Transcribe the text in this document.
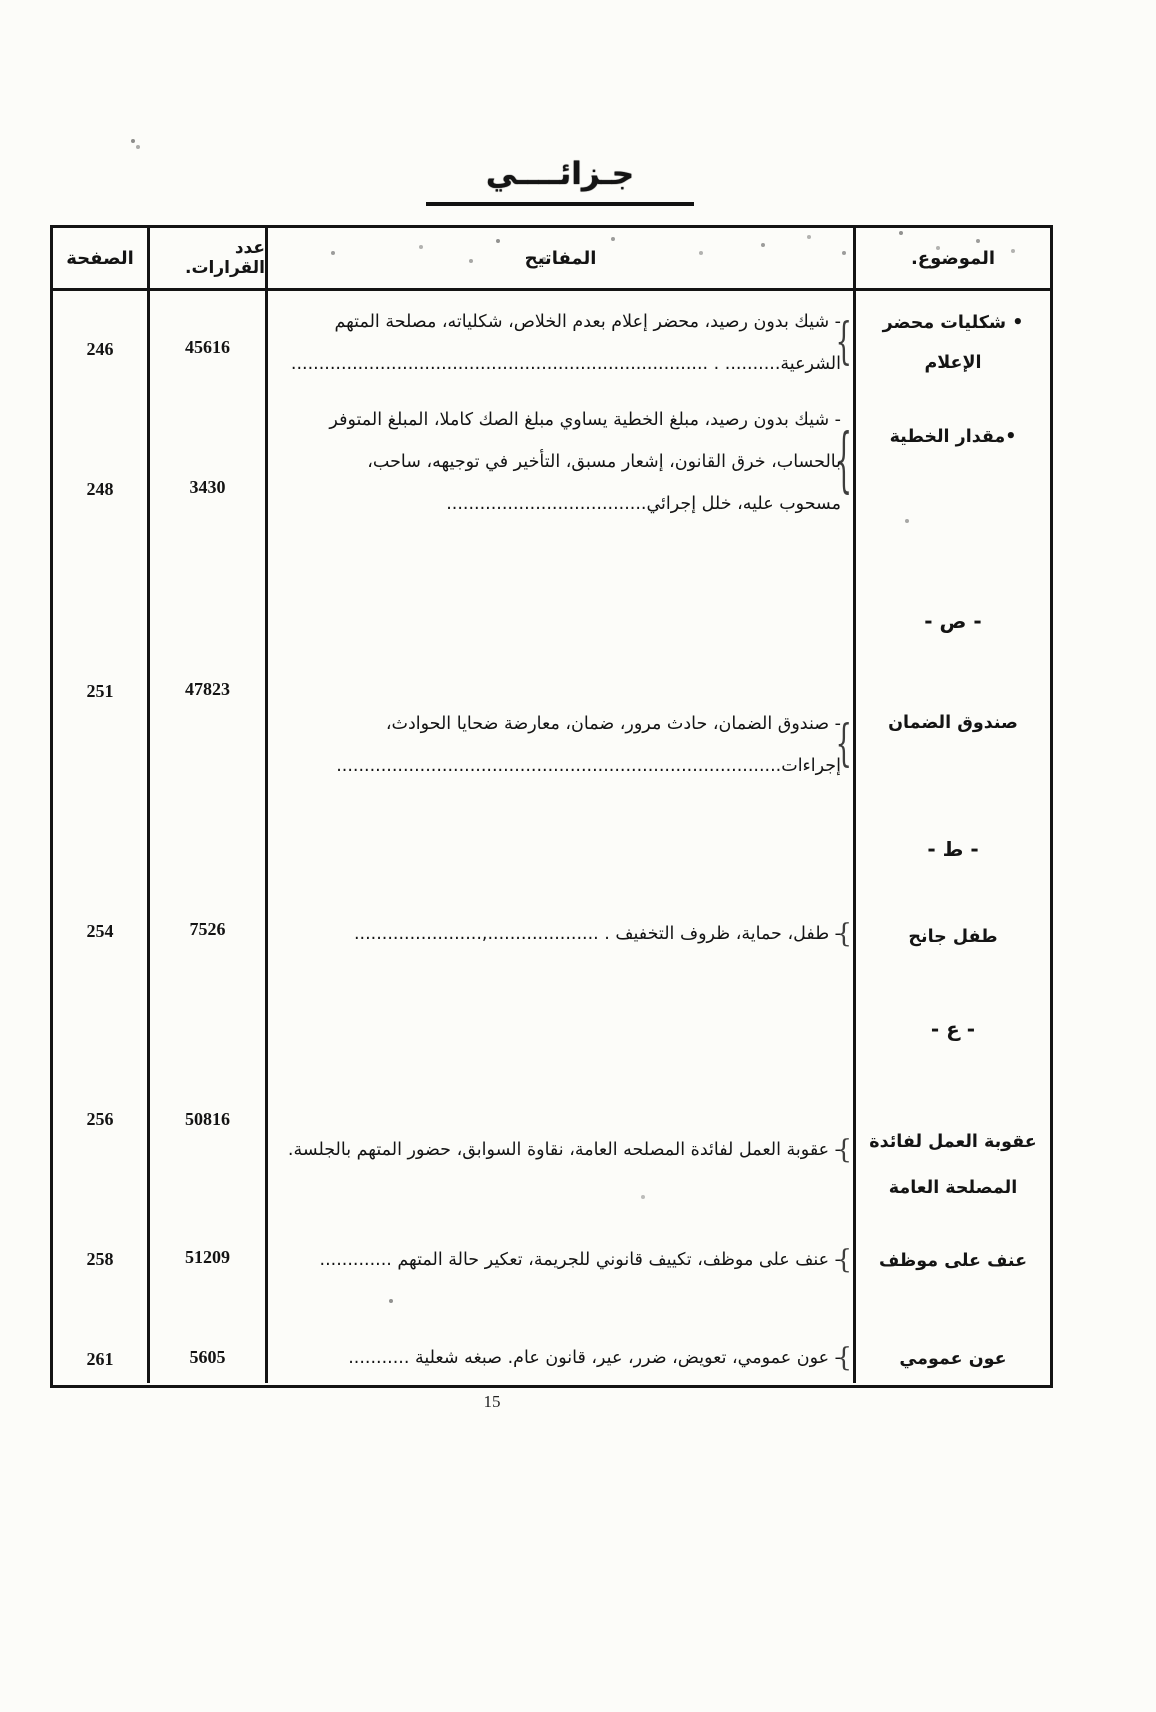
جـزائــــي
الموضوع.
المفاتيح
عدد القرارات.
الصفحة
• شكليات محضر
الإعلام
•مقدار الخطية
- ص -
صندوق الضمان
- ط -
طفل جانح
- ع -
عقوبة العمل لفائدة
المصلحة العامة
عنف على موظف
عون عمومي
{
- شيك بدون رصيد، محضر إعلام بعدم الخلاص، شكلياته، مصلحة المتهم
الشرعية.......... . ...........................................................................
{
- شيك بدون رصيد، مبلغ الخطية يساوي مبلغ الصك كاملا، المبلغ المتوفر
بالحساب، خرق القانون، إشعار مسبق، التأخير في توجيهه، ساحب،
مسحوب عليه، خلل إجرائي....................................
{
- صندوق الضمان، حادث مرور، ضمان، معارضة ضحايا الحوادث،
إجراءات................................................................................
{
- طفل، حماية، ظروف التخفيف . ....................,.......................
{
- عقوبة العمل لفائدة المصلحه العامة، نقاوة السوابق، حضور المتهم بالجلسة.
{
- عنف على موظف، تكييف قانوني للجريمة، تعكير حالة المتهم .............
{
- عون عمومي، تعويض، ضرر، عير، قانون عام. صبغه شعلية ...........
45616
3430
47823
7526
50816
51209
5605
246
248
251
254
256
258
261
15
